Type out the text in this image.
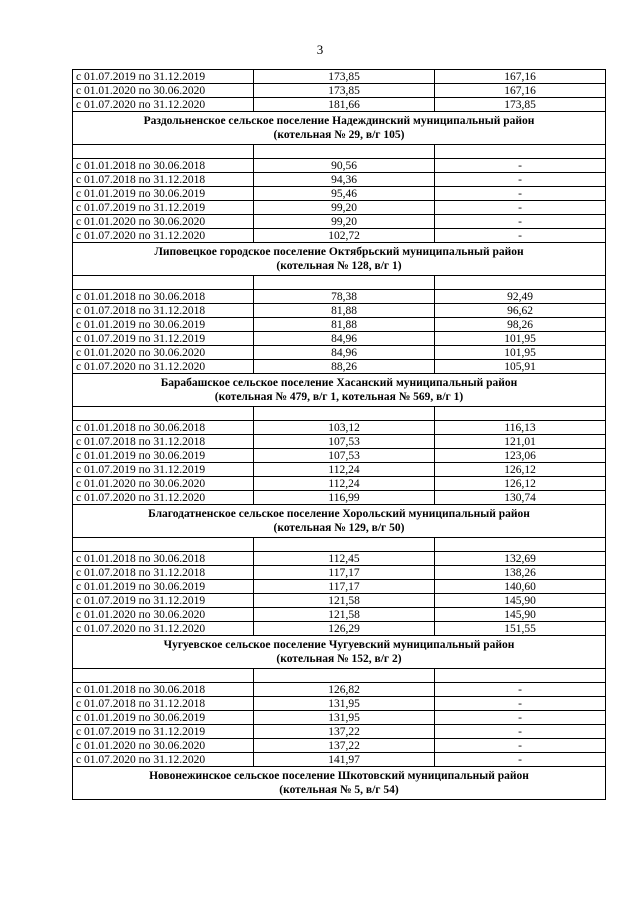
3
с 01.07.2019 по 31.12.2019	173,85	167,16
с 01.01.2020 по 30.06.2020	173,85	167,16
с 01.07.2020 по 31.12.2020	181,66	173,85

Раздольненское сельское поселение Надеждинский муниципальный район
(котельная № 29, в/г 105)		

с 01.01.2018 по 30.06.2018	90,56	-
с 01.07.2018 по 31.12.2018	94,36	-
с 01.01.2019 по 30.06.2019	95,46	-
с 01.07.2019 по 31.12.2019	99,20	-
с 01.01.2020 по 30.06.2020	99,20	-
с 01.07.2020 по 31.12.2020	102,72	-

Липовецкое городское поселение Октябрьский муниципальный район
(котельная № 128, в/г 1)		

с 01.01.2018 по 30.06.2018	78,38	92,49
с 01.07.2018 по 31.12.2018	81,88	96,62
с 01.01.2019 по 30.06.2019	81,88	98,26
с 01.07.2019 по 31.12.2019	84,96	101,95
с 01.01.2020 по 30.06.2020	84,96	101,95
с 01.07.2020 по 31.12.2020	88,26	105,91

Барабашское сельское поселение Хасанский муниципальный район
(котельная № 479, в/г 1, котельная № 569, в/г 1)		

с 01.01.2018 по 30.06.2018	103,12	116,13
с 01.07.2018 по 31.12.2018	107,53	121,01
с 01.01.2019 по 30.06.2019	107,53	123,06
с 01.07.2019 по 31.12.2019	112,24	126,12
с 01.01.2020 по 30.06.2020	112,24	126,12
с 01.07.2020 по 31.12.2020	116,99	130,74

Благодатненское сельское поселение Хорольский муниципальный район
(котельная № 129, в/г 50)		

с 01.01.2018 по 30.06.2018	112,45	132,69
с 01.07.2018 по 31.12.2018	117,17	138,26
с 01.01.2019 по 30.06.2019	117,17	140,60
с 01.07.2019 по 31.12.2019	121,58	145,90
с 01.01.2020 по 30.06.2020	121,58	145,90
с 01.07.2020 по 31.12.2020	126,29	151,55

Чугуевское сельское поселение Чугуевский муниципальный район
(котельная № 152, в/г 2)		

с 01.01.2018 по 30.06.2018	126,82	-
с 01.07.2018 по 31.12.2018	131,95	-
с 01.01.2019 по 30.06.2019	131,95	-
с 01.07.2019 по 31.12.2019	137,22	-
с 01.01.2020 по 30.06.2020	137,22	-
с 01.07.2020 по 31.12.2020	141,97	-

Новонежинское сельское поселение Шкотовский муниципальный район
(котельная № 5, в/г 54)		
